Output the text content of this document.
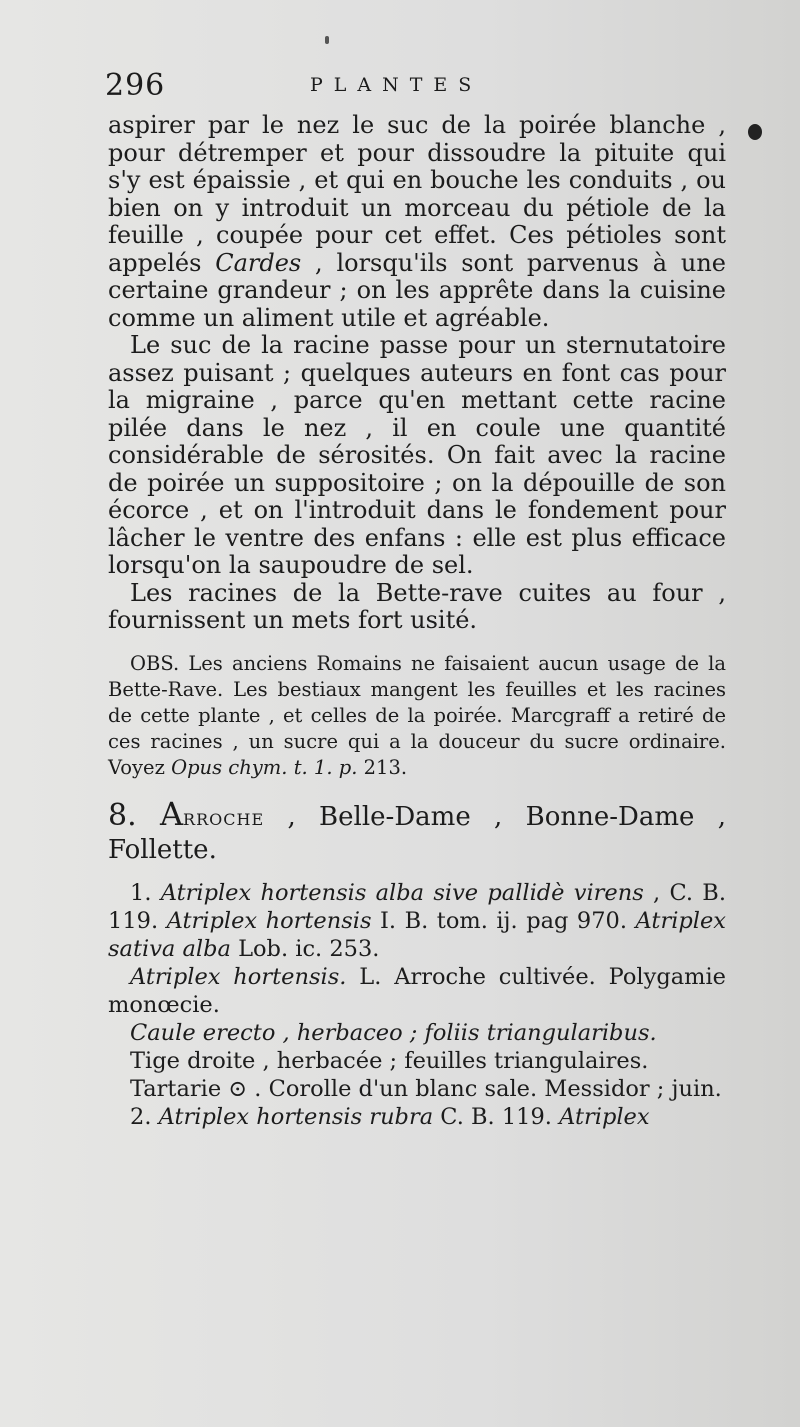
296	PLANTES

aspirer par le nez le suc de la poirée blanche , pour détremper et pour dissoudre la pituite qui s'y est épaissie , et qui en bouche les conduits , ou bien on y introduit un morceau du pétiole de la feuille , coupée pour cet effet. Ces pétioles sont appelés Cardes , lorsqu'ils sont parvenus à une certaine grandeur ; on les apprête dans la cuisine comme un aliment utile et agréable.

Le suc de la racine passe pour un sternutatoire assez puisant ; quelques auteurs en font cas pour la migraine , parce qu'en mettant cette racine pilée dans le nez , il en coule une quantité considérable de sérosités. On fait avec la racine de poirée un suppositoire ; on la dépouille de son écorce , et on l'introduit dans le fondement pour lâcher le ventre des enfans : elle est plus efficace lorsqu'on la saupoudre de sel.

Les racines de la Bette-rave cuites au four , fournissent un mets fort usité.

OBS. Les anciens Romains ne faisaient aucun usage de la Bette-Rave. Les bestiaux mangent les feuilles et les racines de cette plante , et celles de la poirée. Marcgraff a retiré de ces racines , un sucre qui a la douceur du sucre ordinaire. Voyez Opus chym. t. 1. p. 213.

8. ARROCHE , Belle-Dame , Bonne-Dame , Follette.

1. Atriplex hortensis alba sive pallidè virens , C. B. 119. Atriplex hortensis I. B. tom. ij. pag 970. Atriplex sativa alba Lob. ic. 253.

Atriplex hortensis. L. Arroche cultivée. Polygamie monœcie.

Caule erecto , herbaceo ; foliis triangularibus.

Tige droite , herbacée ; feuilles triangulaires.

Tartarie ⊙ . Corolle d'un blanc sale. Messidor ; juin.

2. Atriplex hortensis rubra C. B. 119. Atriplex
